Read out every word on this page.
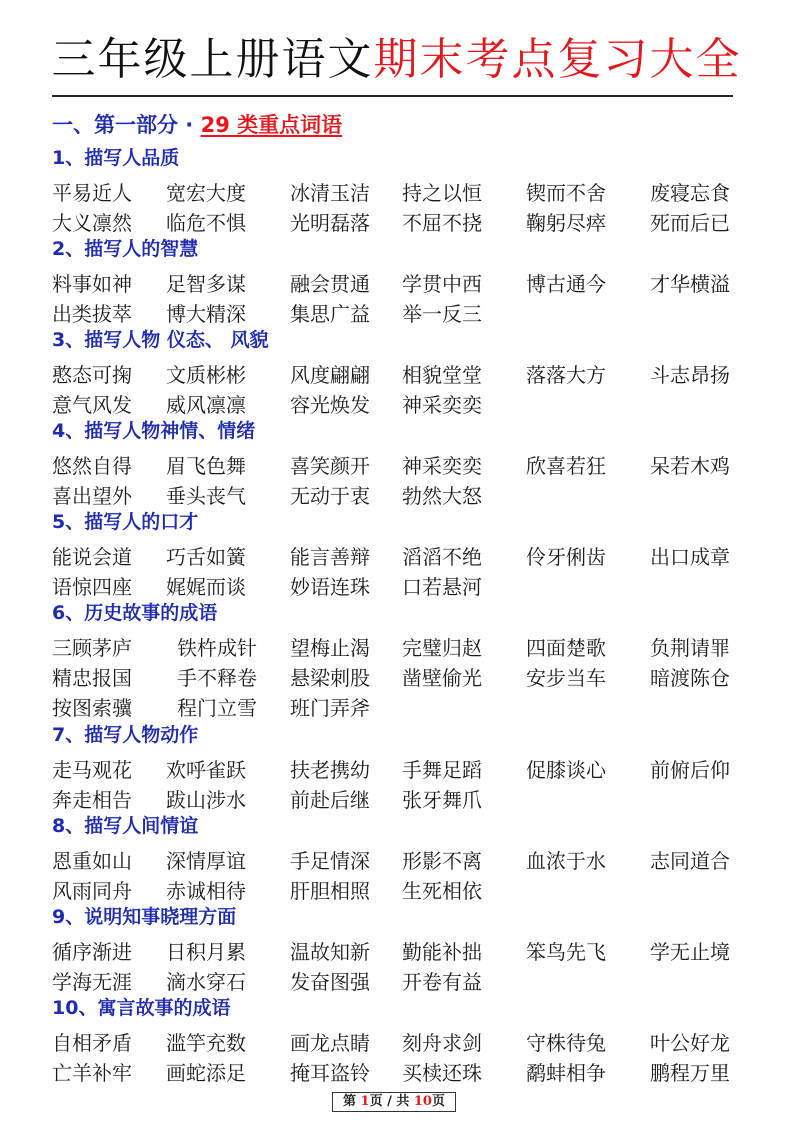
三年级上册语文期末考点复习大全
一、第一部分 · 29 类重点词语
1、描写人品质
平易近人 宽宏大度 冰清玉洁 持之以恒 锲而不舍 废寝忘食
大义凛然 临危不惧 光明磊落 不屈不挠 鞠躬尽瘁 死而后已
2、描写人的智慧
料事如神 足智多谋 融会贯通 学贯中西 博古通今 才华横溢
出类拔萃 博大精深 集思广益 举一反三
3、描写人物 仪态、 风貌
憨态可掬 文质彬彬 风度翩翩 相貌堂堂 落落大方 斗志昂扬
意气风发 威风凛凛 容光焕发 神采奕奕
4、描写人物神情、情绪
悠然自得 眉飞色舞 喜笑颜开 神采奕奕 欣喜若狂 呆若木鸡
喜出望外 垂头丧气 无动于衷 勃然大怒
5、描写人的口才
能说会道 巧舌如簧 能言善辩 滔滔不绝 伶牙俐齿 出口成章
语惊四座 娓娓而谈 妙语连珠 口若悬河
6、历史故事的成语
三顾茅庐 铁杵成针 望梅止渴 完璧归赵 四面楚歌 负荆请罪
精忠报国 手不释卷 悬梁刺股 凿壁偷光 安步当车 暗渡陈仓
按图索骥 程门立雪 班门弄斧
7、描写人物动作
走马观花 欢呼雀跃 扶老携幼 手舞足蹈 促膝谈心 前俯后仰
奔走相告 跋山涉水 前赴后继 张牙舞爪
8、描写人间情谊
恩重如山 深情厚谊 手足情深 形影不离 血浓于水 志同道合
风雨同舟 赤诚相待 肝胆相照 生死相依
9、说明知事晓理方面
循序渐进 日积月累 温故知新 勤能补拙 笨鸟先飞 学无止境
学海无涯 滴水穿石 发奋图强 开卷有益
10、寓言故事的成语
自相矛盾 滥竽充数 画龙点睛 刻舟求剑 守株待兔 叶公好龙
亡羊补牢 画蛇添足 掩耳盗铃 买椟还珠 鹬蚌相争 鹏程万里
第 1页 / 共 10页
